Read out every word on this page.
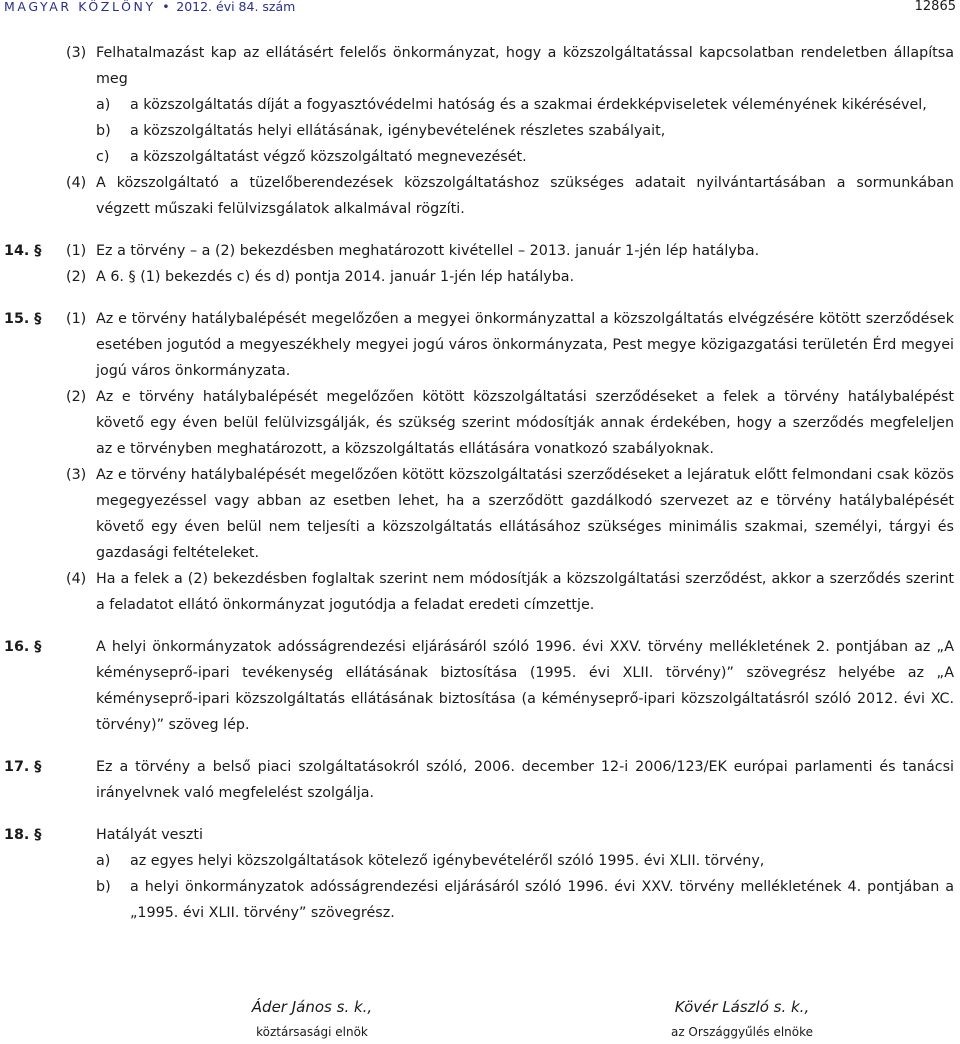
MAGYAR KÖZLÖNY • 2012. évi 84. szám	12865
(3) Felhatalmazást kap az ellátásért felelős önkormányzat, hogy a közszolgáltatással kapcsolatban rendeletben állapítsa meg
a) a közszolgáltatás díját a fogyasztóvédelmi hatóság és a szakmai érdekképviseletek véleményének kikérésével,
b) a közszolgáltatás helyi ellátásának, igénybevételének részletes szabályait,
c) a közszolgáltatást végző közszolgáltató megnevezését.
(4) A közszolgáltató a tüzelőberendezések közszolgáltatáshoz szükséges adatait nyilvántartásában a sormunkában végzett műszaki felülvizsgálatok alkalmával rögzíti.
14. § (1) Ez a törvény – a (2) bekezdésben meghatározott kivétellel – 2013. január 1-jén lép hatályba.
(2) A 6. § (1) bekezdés c) és d) pontja 2014. január 1-jén lép hatályba.
15. § (1) Az e törvény hatálybalépését megelőzően a megyei önkormányzattal a közszolgáltatás elvégzésére kötött szerződések esetében jogutód a megyeszékhely megyei jogú város önkormányzata, Pest megye közigazgatási területén Érd megyei jogú város önkormányzata.
(2) Az e törvény hatálybalépését megelőzően kötött közszolgáltatási szerződéseket a felek a törvény hatálybalépést követő egy éven belül felülvizsgálják, és szükség szerint módosítják annak érdekében, hogy a szerződés megfeleljen az e törvényben meghatározott, a közszolgáltatás ellátására vonatkozó szabályoknak.
(3) Az e törvény hatálybalépését megelőzően kötött közszolgáltatási szerződéseket a lejáratuk előtt felmondani csak közös megegyezéssel vagy abban az esetben lehet, ha a szerződött gazdálkodó szervezet az e törvény hatálybalépését követő egy éven belül nem teljesíti a közszolgáltatás ellátásához szükséges minimális szakmai, személyi, tárgyi és gazdasági feltételeket.
(4) Ha a felek a (2) bekezdésben foglaltak szerint nem módosítják a közszolgáltatási szerződést, akkor a szerződés szerint a feladatot ellátó önkormányzat jogutódja a feladat eredeti címzettje.
16. §	A helyi önkormányzatok adósságrendezési eljárásáról szóló 1996. évi XXV. törvény mellékletének 2. pontjában az „A kéményseprő-ipari tevékenység ellátásának biztosítása (1995. évi XLII. törvény)” szövegrész helyébe az „A kéményseprő-ipari közszolgáltatás ellátásának biztosítása (a kéményseprő-ipari közszolgáltatásról szóló 2012. évi XC. törvény)” szöveg lép.
17. §	Ez a törvény a belső piaci szolgáltatásokról szóló, 2006. december 12-i 2006/123/EK európai parlamenti és tanácsi irányelvnek való megfelelést szolgálja.
18. §	Hatályát veszti
a) az egyes helyi közszolgáltatások kötelező igénybevételéről szóló 1995. évi XLII. törvény,
b) a helyi önkormányzatok adósságrendezési eljárásáról szóló 1996. évi XXV. törvény mellékletének 4. pontjában a „1995. évi XLII. törvény” szövegrész.
Áder János s. k.,
köztársasági elnök
Kövér László s. k.,
az Országgyűlés elnöke
